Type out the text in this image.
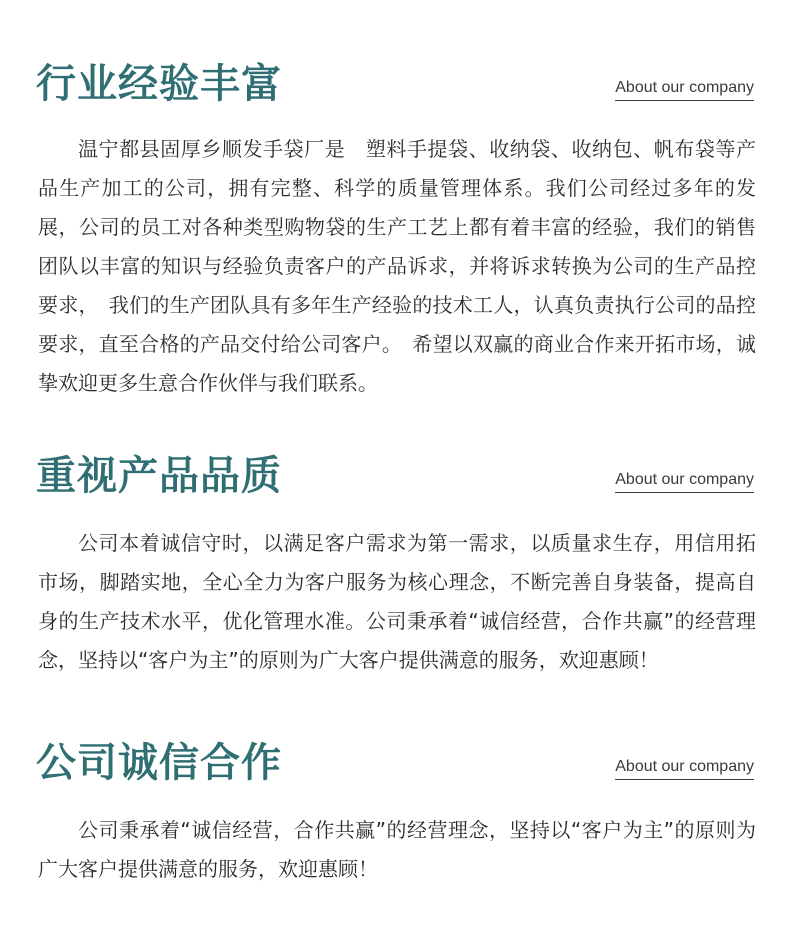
行业经验丰富	About our company

温宁都县固厚乡顺发手袋厂是　塑料手提袋、收纳袋、收纳包、帆布袋等产品生产加工的公司，拥有完整、科学的质量管理体系。我们公司经过多年的发展，公司的员工对各种类型购物袋的生产工艺上都有着丰富的经验，我们的销售团队以丰富的知识与经验负责客户的产品诉求，并将诉求转换为公司的生产品控要求，　我们的生产团队具有多年生产经验的技术工人，认真负责执行公司的品控要求，直至合格的产品交付给公司客户。　希望以双赢的商业合作来开拓市场，诚挚欢迎更多生意合作伙伴与我们联系。

重视产品品质	About our company

公司本着诚信守时，以满足客户需求为第一需求，以质量求生存，用信用拓市场，脚踏实地，全心全力为客户服务为核心理念，不断完善自身装备，提高自身的生产技术水平，优化管理水准。公司秉承着“诚信经营，合作共赢”的经营理念，坚持以“客户为主”的原则为广大客户提供满意的服务，欢迎惠顾！

公司诚信合作	About our company

公司秉承着“诚信经营，合作共赢”的经营理念，坚持以“客户为主”的原则为广大客户提供满意的服务，欢迎惠顾！
